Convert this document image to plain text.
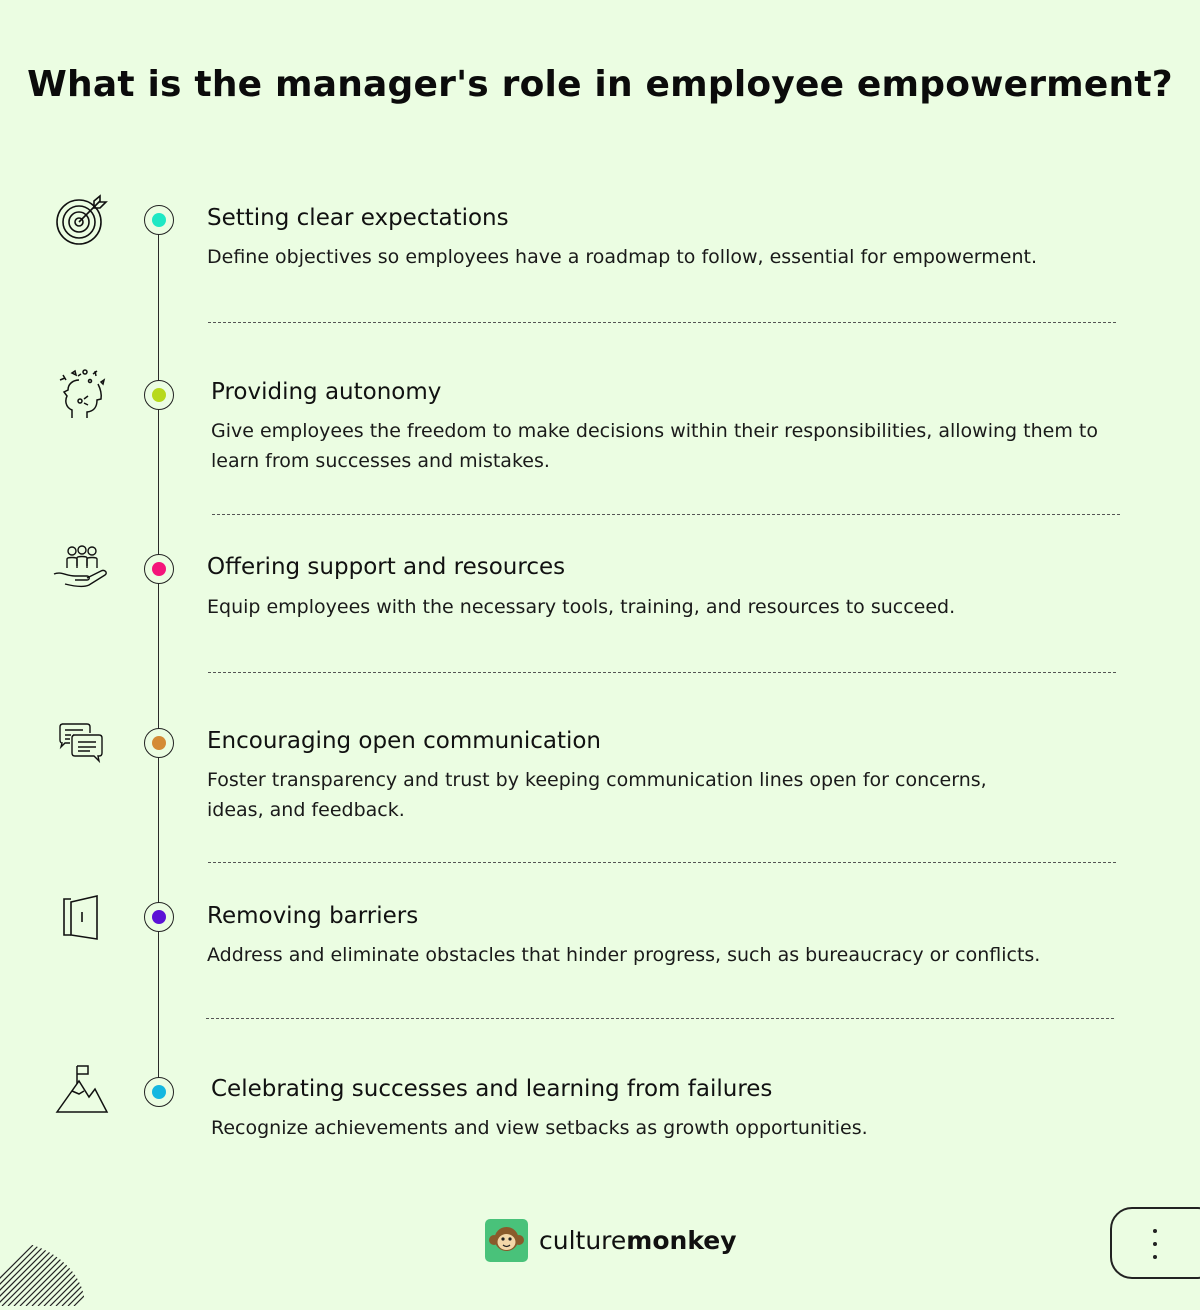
What is the manager's role in employee empowerment?
Setting clear expectations
Define objectives so employees have a roadmap to follow, essential for empowerment.
Providing autonomy
Give employees the freedom to make decisions within their responsibilities, allowing them to learn from successes and mistakes.
Offering support and resources
Equip employees with the necessary tools, training, and resources to succeed.
Encouraging open communication
Foster transparency and trust by keeping communication lines open for concerns, ideas, and feedback.
Removing barriers
Address and eliminate obstacles that hinder progress, such as bureaucracy or conflicts.
Celebrating successes and learning from failures
Recognize achievements and view setbacks as growth opportunities.
culturemonkey
